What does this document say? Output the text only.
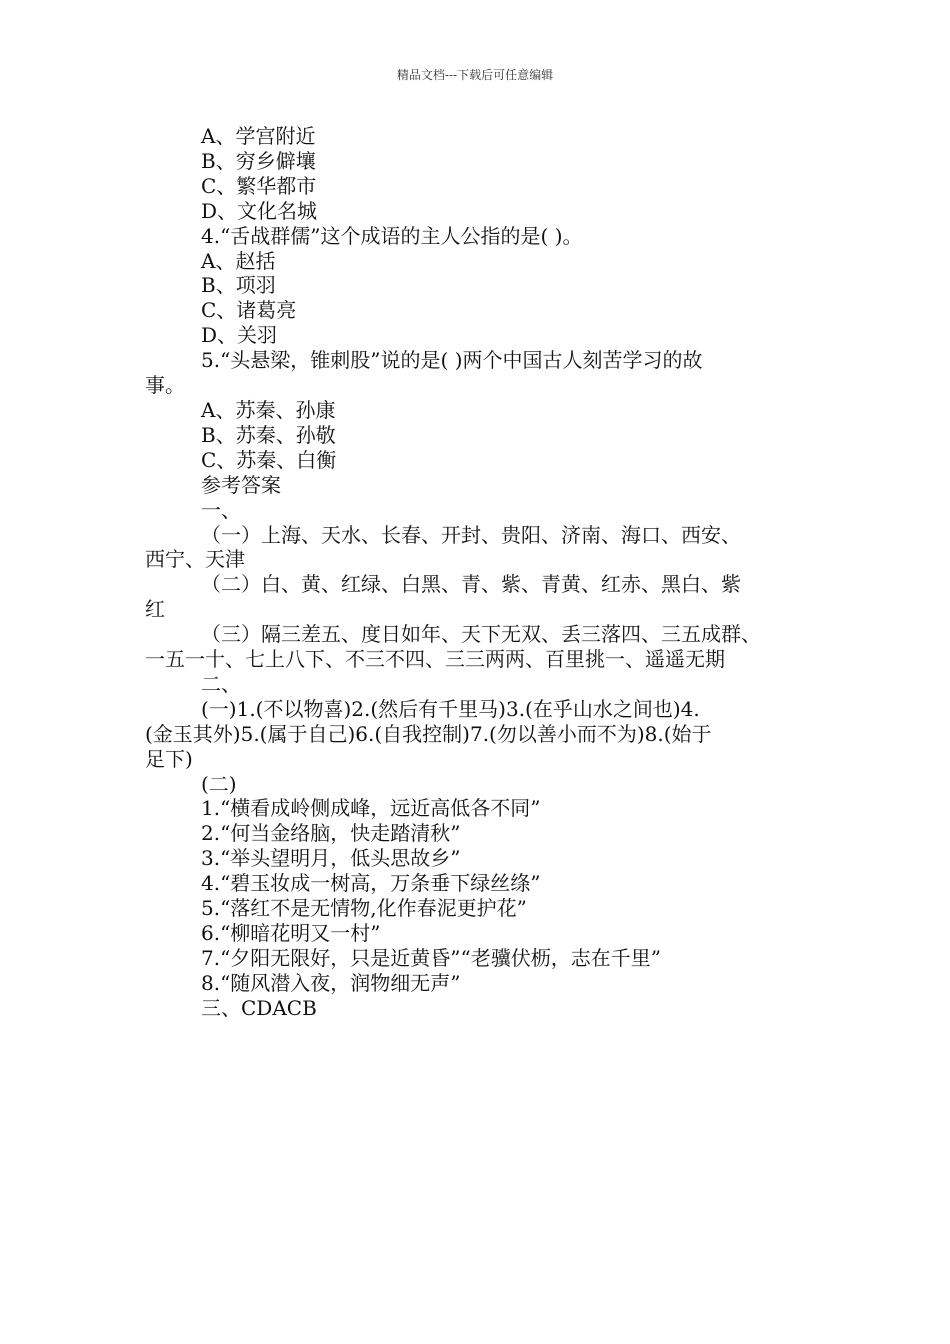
精品文档---下载后可任意编辑
A、学宫附近
B、穷乡僻壤
C、繁华都市
D、文化名城
4.“舌战群儒”这个成语的主人公指的是( )。
A、赵括
B、项羽
C、诸葛亮
D、关羽
5.“头悬梁，锥刺股”说的是( )两个中国古人刻苦学习的故
事。
A、苏秦、孙康
B、苏秦、孙敬
C、苏秦、白衡
参考答案
一、
（一）上海、天水、长春、开封、贵阳、济南、海口、西安、
西宁、天津
（二）白、黄、红绿、白黑、青、紫、青黄、红赤、黑白、紫
红
（三）隔三差五、度日如年、天下无双、丢三落四、三五成群、
一五一十、七上八下、不三不四、三三两两、百里挑一、遥遥无期
二、
(一)1.(不以物喜)2.(然后有千里马)3.(在乎山水之间也)4.
(金玉其外)5.(属于自己)6.(自我控制)7.(勿以善小而不为)8.(始于
足下)
(二)
1.“横看成岭侧成峰，远近高低各不同”
2.“何当金络脑，快走踏清秋”
3.“举头望明月，低头思故乡”
4.“碧玉妆成一树高，万条垂下绿丝绦”
5.“落红不是无情物,化作春泥更护花”
6.“柳暗花明又一村”
7.“夕阳无限好，只是近黄昏”“老骥伏枥，志在千里”
8.“随风潜入夜，润物细无声”
三、CDACB
